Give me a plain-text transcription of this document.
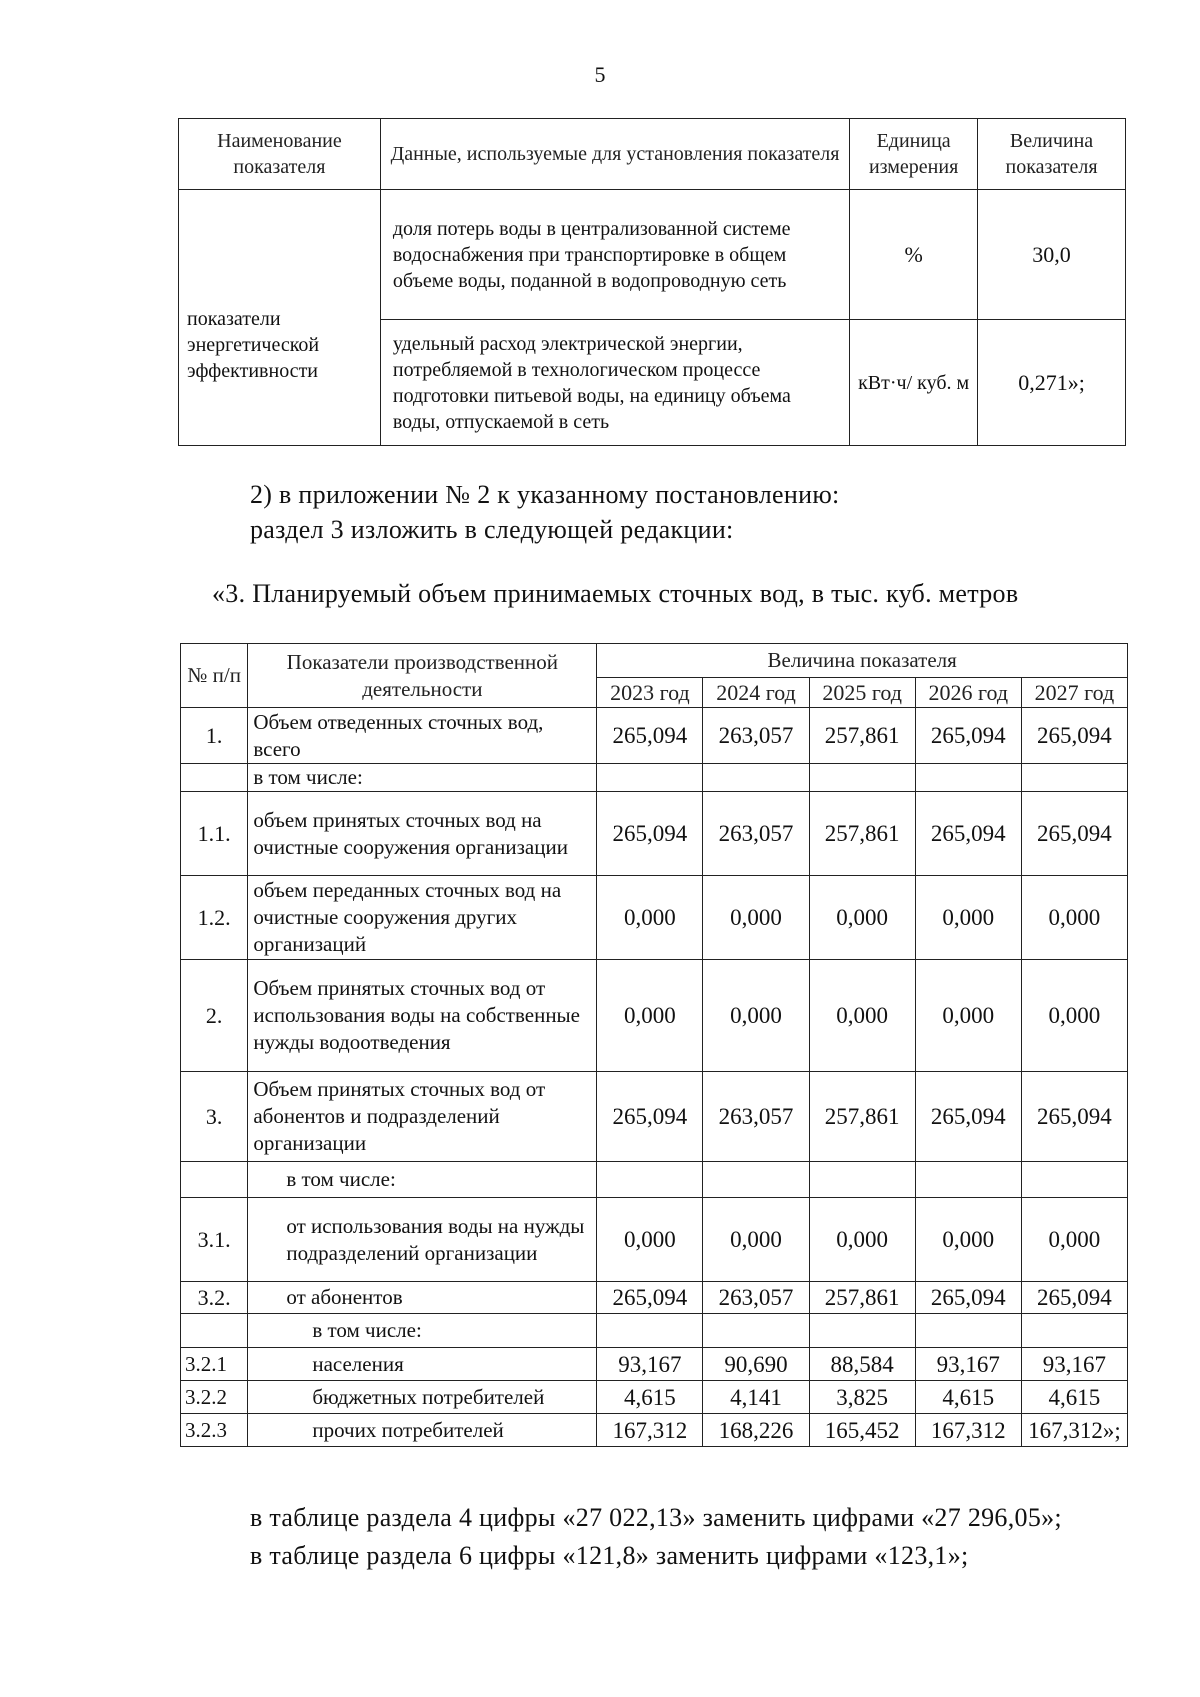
5
Наименование показателя	Данные, используемые для установления показателя	Единица измерения	Величина показателя
показатели энергетической эффективности	доля потерь воды в централизованной системе водоснабжения при транспортировке в общем объеме воды, поданной в водопроводную сеть	%	30,0
	удельный расход электрической энергии, потребляемой в технологическом процессе подготовки питьевой воды, на единицу объема воды, отпускаемой в сеть	кВт·ч/ куб. м	0,271»;
2) в приложении № 2 к указанному постановлению:
раздел 3 изложить в следующей редакции:
«3. Планируемый объем принимаемых сточных вод, в тыс. куб. метров
№ п/п	Показатели производственной деятельности	Величина показателя				
		2023 год	2024 год	2025 год	2026 год	2027 год
1.	Объем отведенных сточных вод, всего	265,094	263,057	257,861	265,094	265,094
	в том числе:					
1.1.	объем принятых сточных вод на очистные сооружения организации	265,094	263,057	257,861	265,094	265,094
1.2.	объем переданных сточных вод на очистные сооружения других организаций	0,000	0,000	0,000	0,000	0,000
2.	Объем принятых сточных вод от использования воды на собственные нужды водоотведения	0,000	0,000	0,000	0,000	0,000
3.	Объем принятых сточных вод от абонентов и подразделений организации	265,094	263,057	257,861	265,094	265,094
	в том числе:					
3.1.	от использования воды на нужды подразделений организации	0,000	0,000	0,000	0,000	0,000
3.2.	от абонентов	265,094	263,057	257,861	265,094	265,094
	в том числе:					
3.2.1	населения	93,167	90,690	88,584	93,167	93,167
3.2.2	бюджетных потребителей	4,615	4,141	3,825	4,615	4,615
3.2.3	прочих потребителей	167,312	168,226	165,452	167,312	167,312»;
в таблице раздела 4 цифры «27 022,13» заменить цифрами «27 296,05»;
в таблице раздела 6 цифры «121,8» заменить цифрами «123,1»;
